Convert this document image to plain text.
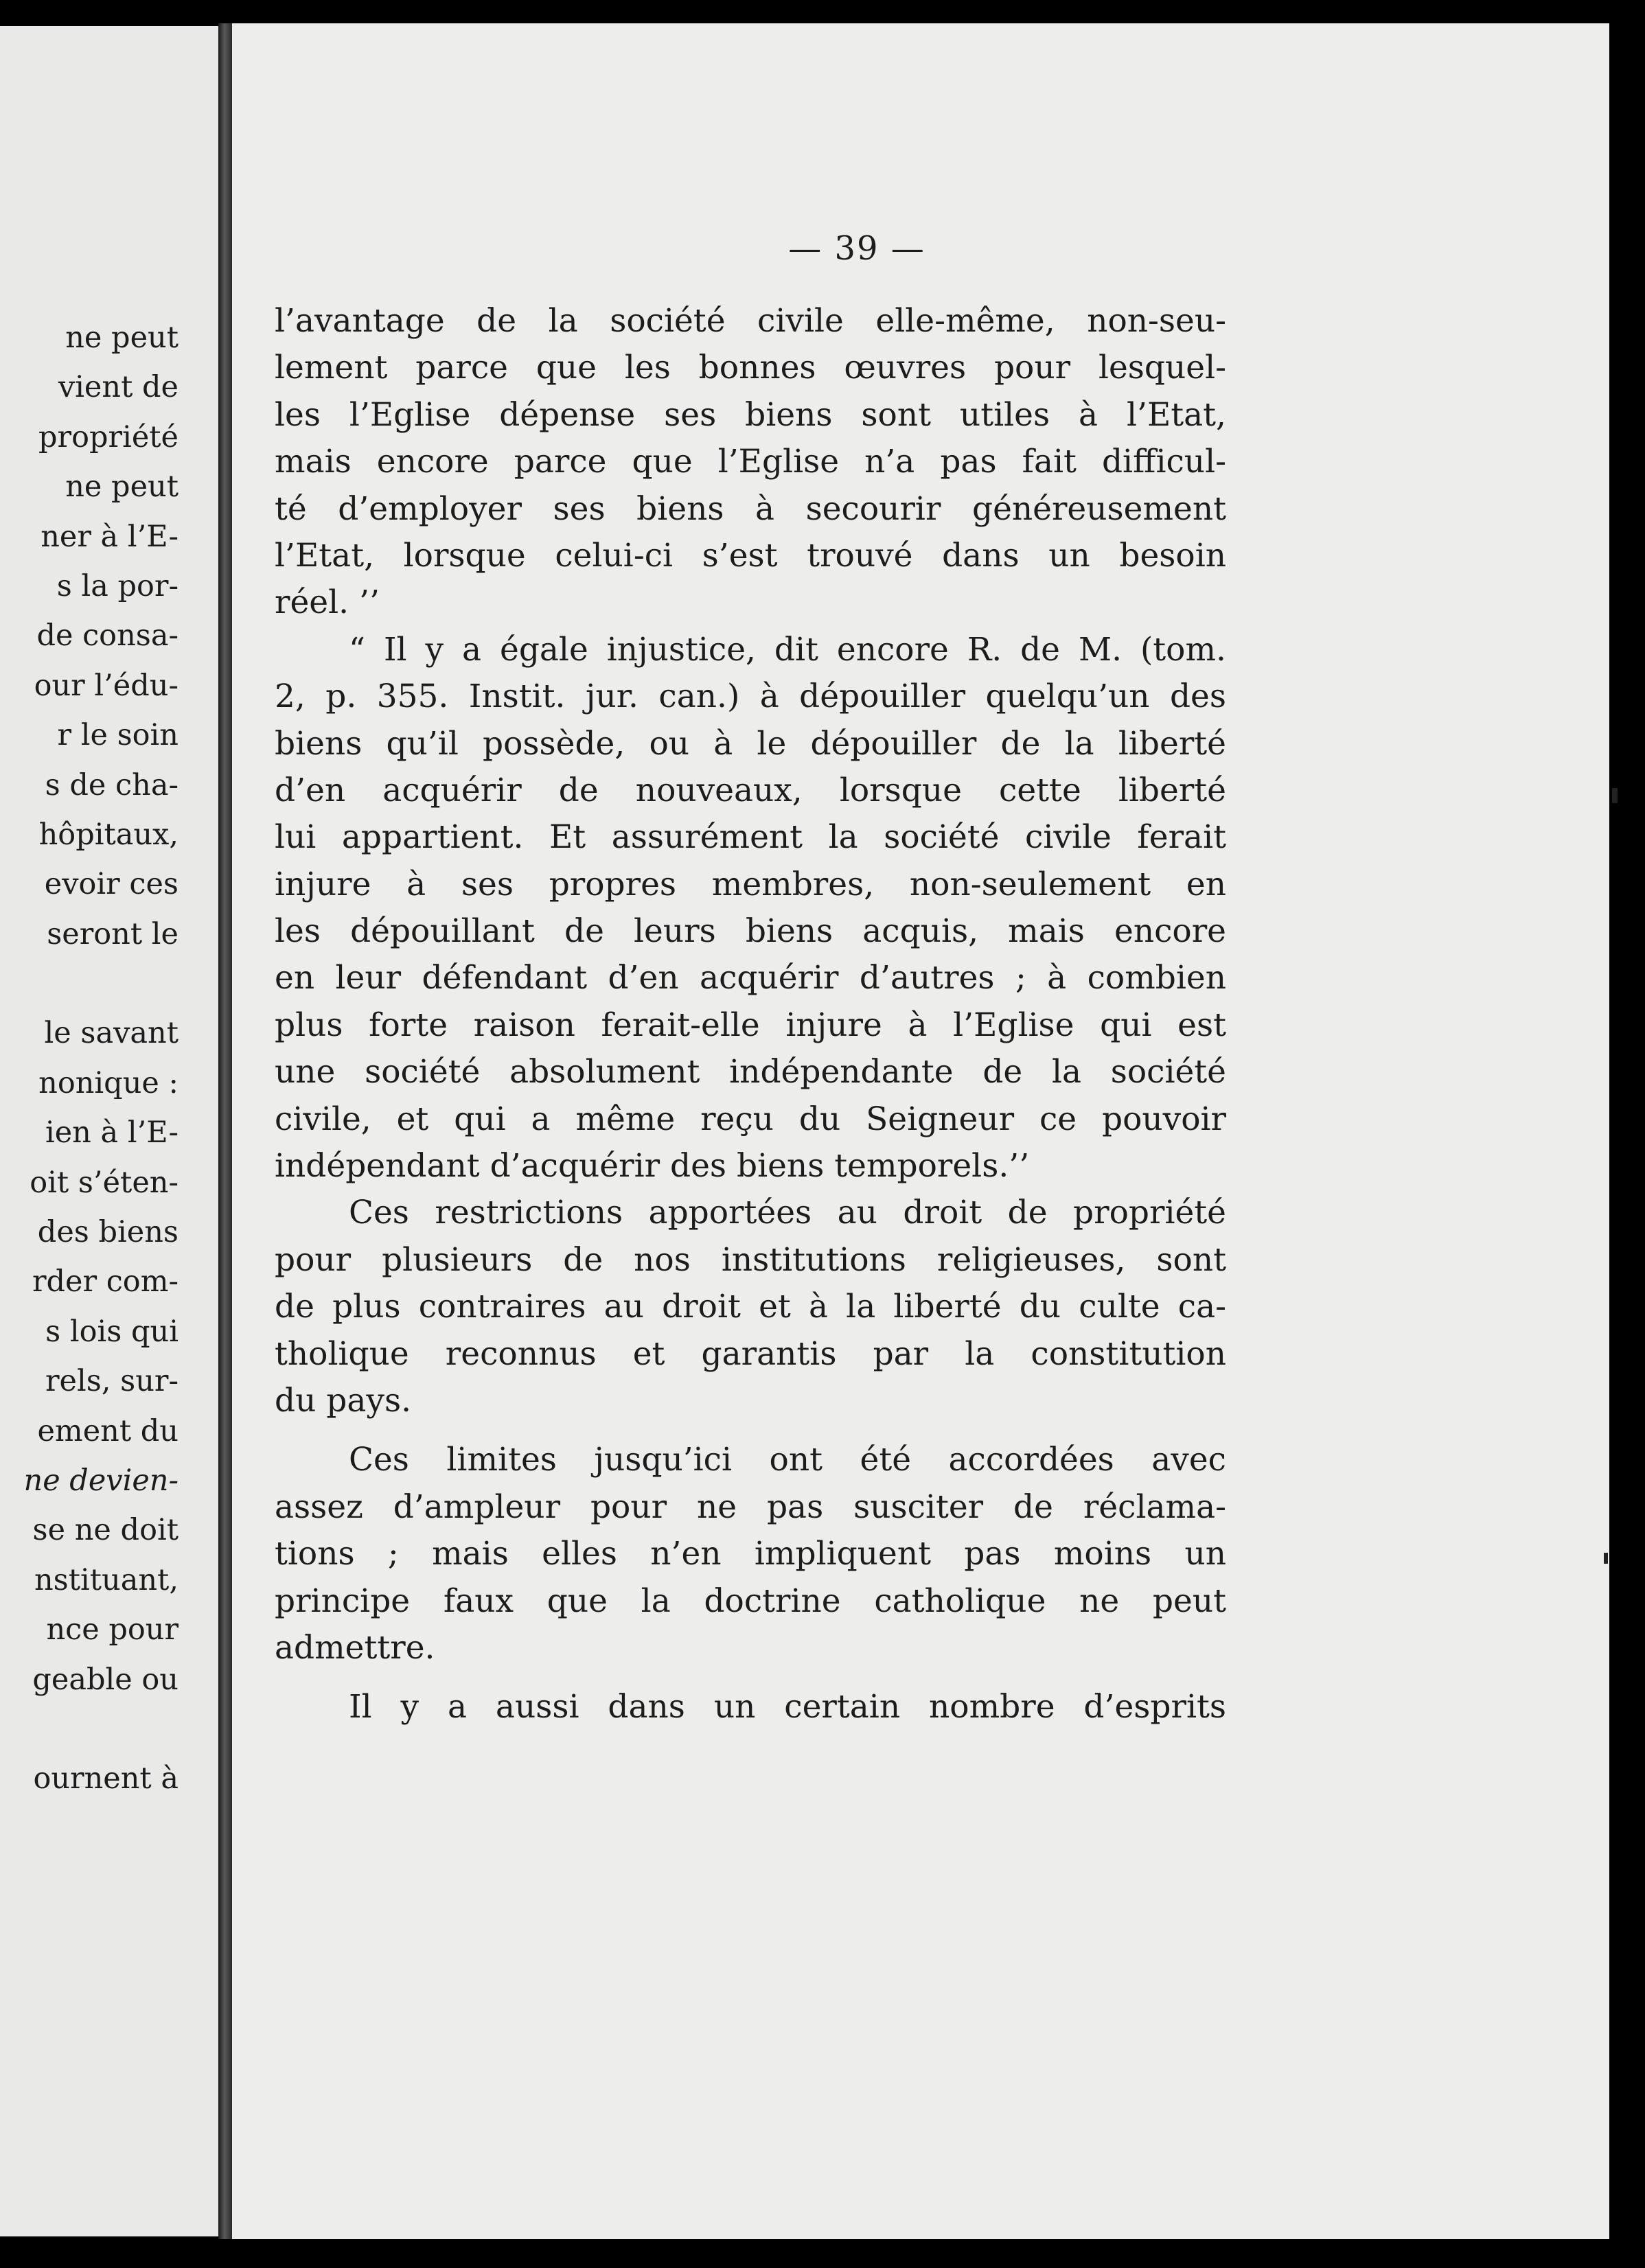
ne peut
vient de
propriété
ne peut
ner à l’E-
s la por-
de consa-
our l’édu-
r le soin
s de cha-
hôpitaux,
evoir ces
seront le
le savant
nonique :
ien à l’E-
oit s’éten-
des biens
rder com-
s lois qui
rels, sur-
ement du
ne devien-
se ne doit
nstituant,
nce pour
geable ou
ournent à
— 39 —
l’avantage de la société civile elle-même, non-seu-
lement parce que les bonnes œuvres pour lesquel-
les l’Eglise dépense ses biens sont utiles à l’Etat,
mais encore parce que l’Eglise n’a pas fait difficul-
té d’employer ses biens à secourir généreusement
l’Etat, lorsque celui-ci s’est trouvé dans un besoin
réel. ’’
“ Il y a égale injustice, dit encore R. de M. (tom.
2, p. 355. Instit. jur. can.) à dépouiller quelqu’un des
biens qu’il possède, ou à le dépouiller de la liberté
d’en acquérir de nouveaux, lorsque cette liberté
lui appartient. Et assurément la société civile ferait
injure à ses propres membres, non-seulement en
les dépouillant de leurs biens acquis, mais encore
en leur défendant d’en acquérir d’autres ; à combien
plus forte raison ferait-elle injure à l’Eglise qui est
une société absolument indépendante de la société
civile, et qui a même reçu du Seigneur ce pouvoir
indépendant d’acquérir des biens temporels.’’
Ces restrictions apportées au droit de propriété
pour plusieurs de nos institutions religieuses, sont
de plus contraires au droit et à la liberté du culte ca-
tholique reconnus et garantis par la constitution
du pays.
Ces limites jusqu’ici ont été accordées avec
assez d’ampleur pour ne pas susciter de réclama-
tions ; mais elles n’en impliquent pas moins un
principe faux que la doctrine catholique ne peut
admettre.
Il y a aussi dans un certain nombre d’esprits
